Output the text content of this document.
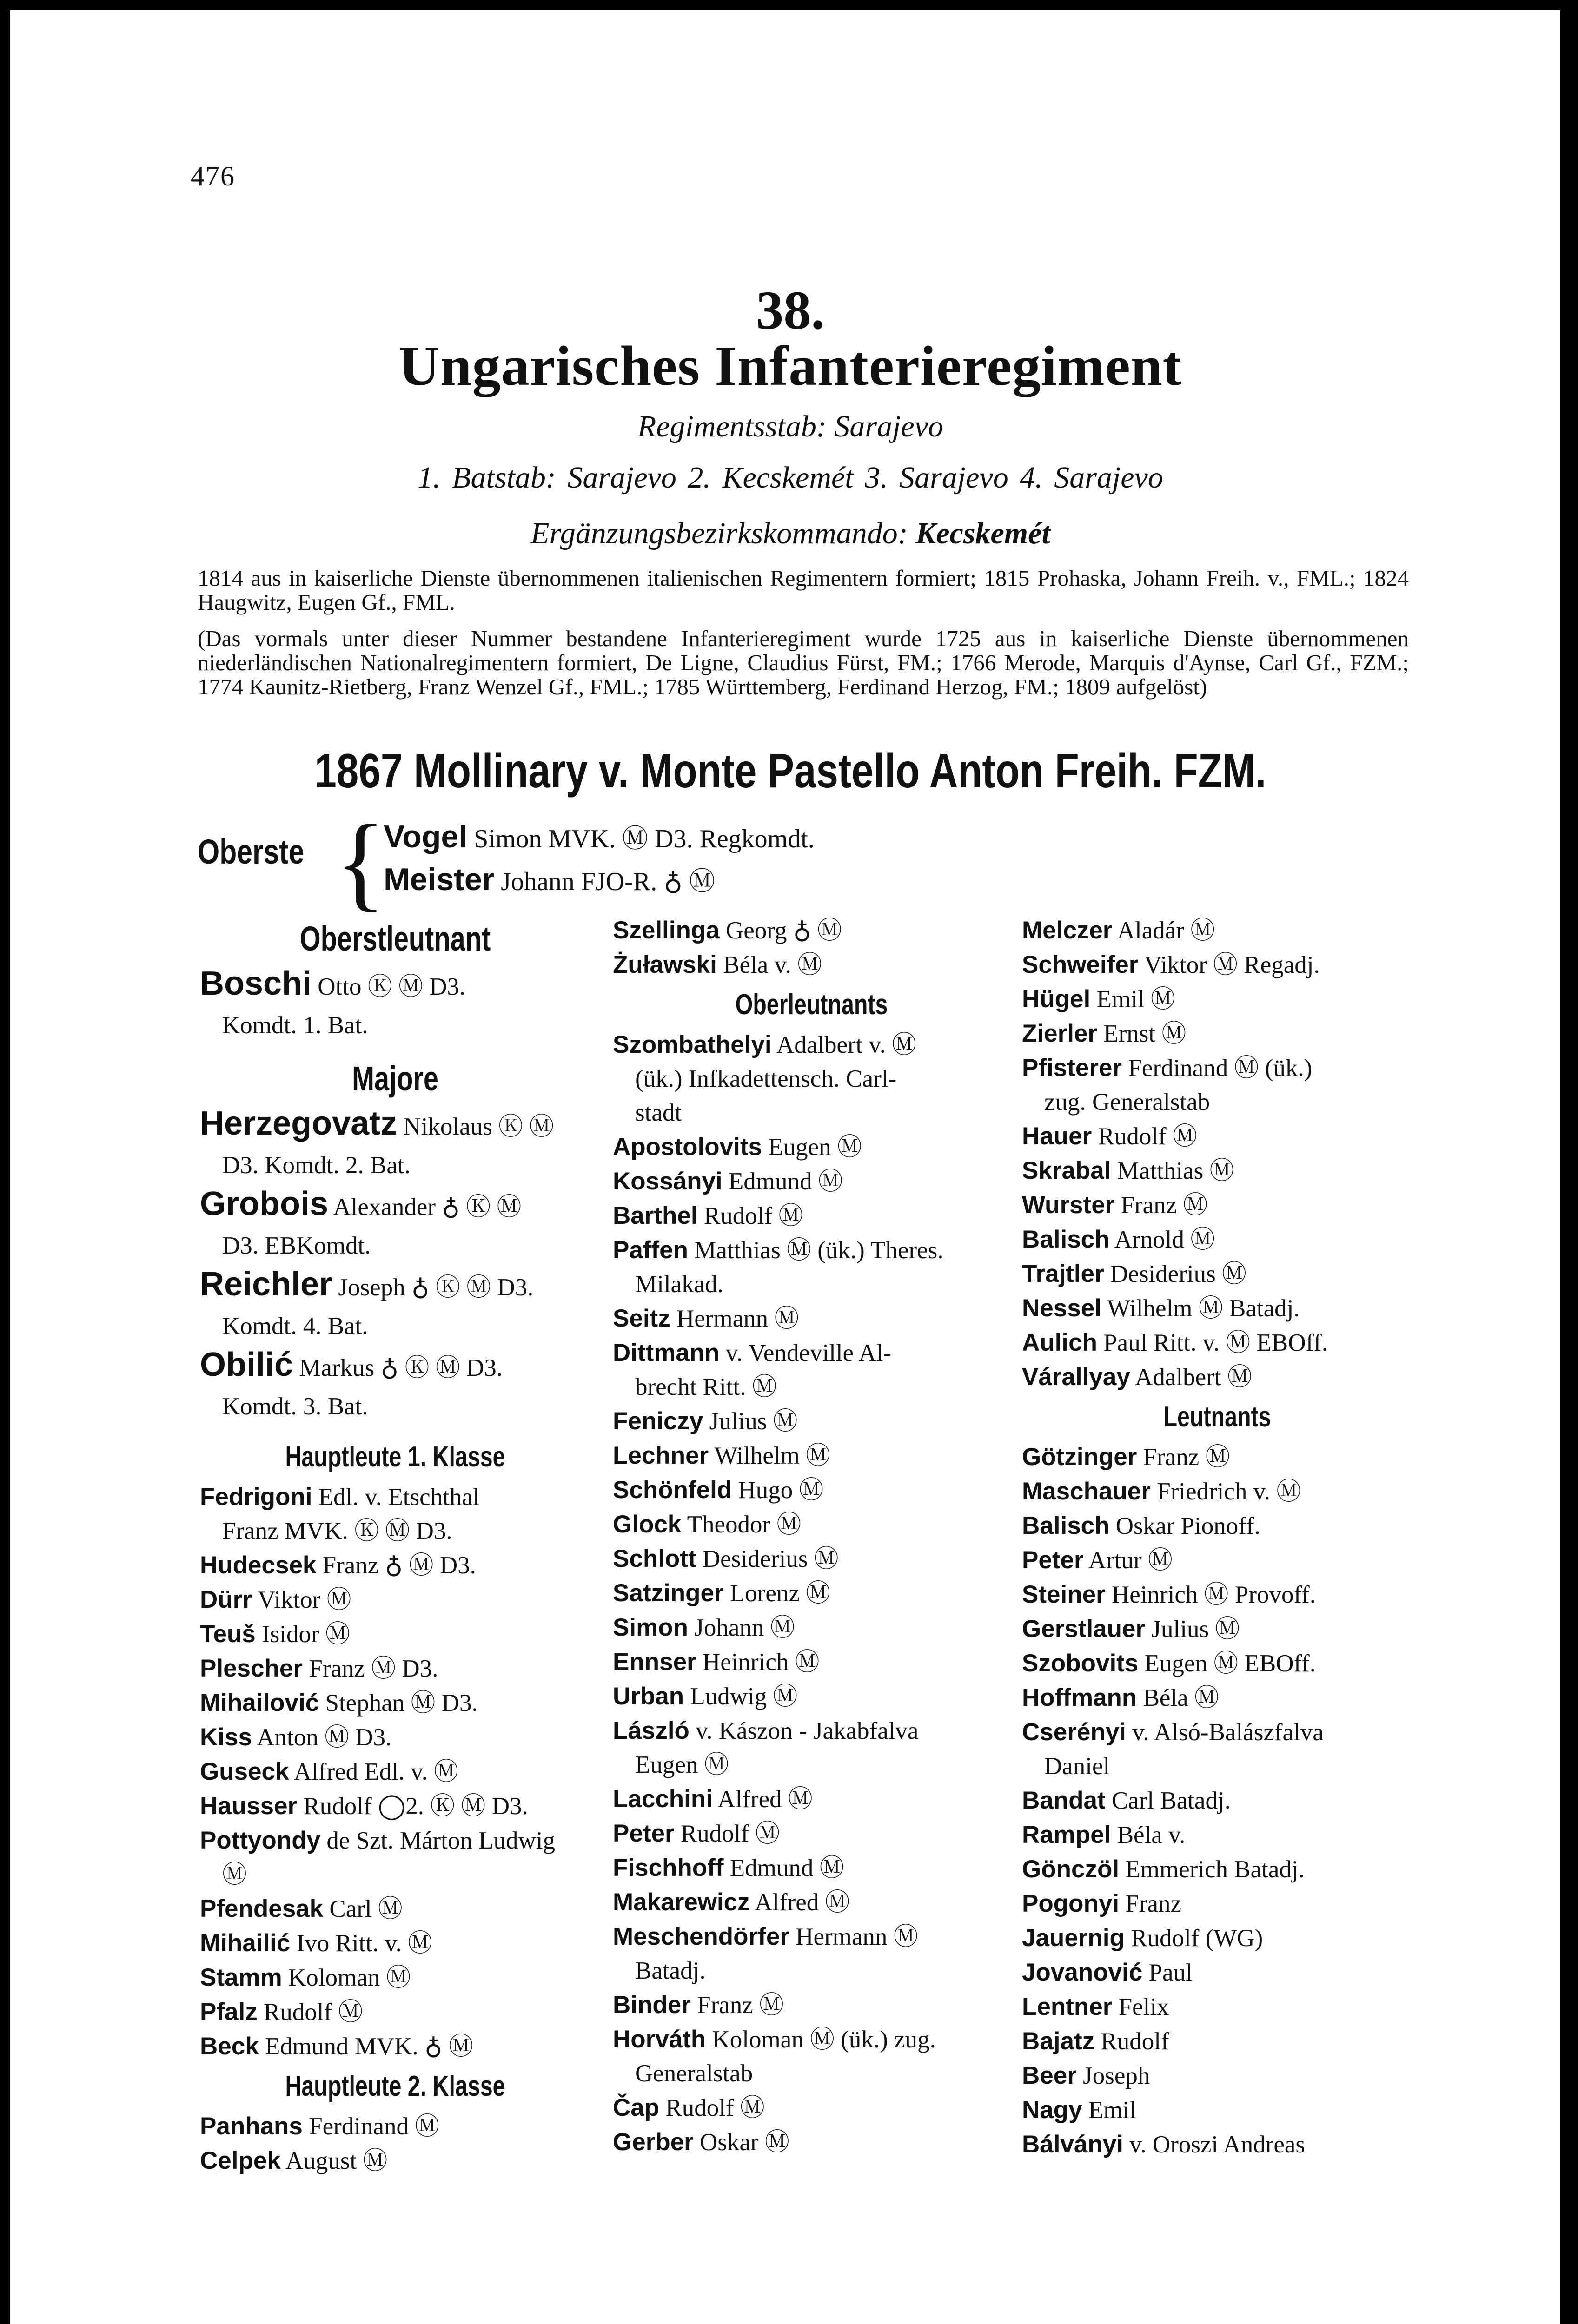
476
38.
Ungarisches Infanterieregiment
Regimentsstab: Sarajevo
1. Batstab: Sarajevo 2. Kecskemét 3. Sarajevo 4. Sarajevo
Ergänzungsbezirkskommando: Kecskemét
1814 aus in kaiserliche Dienste übernommenen italienischen Regimentern formiert; 1815 Prohaska, Johann Freih. v., FML.; 1824 Haugwitz, Eugen Gf., FML.
(Das vormals unter dieser Nummer bestandene Infanterieregiment wurde 1725 aus in kaiserliche Dienste übernommenen niederländischen Nationalregimentern formiert, De Ligne, Claudius Fürst, FM.; 1766 Merode, Marquis d'Aynse, Carl Gf., FZM.; 1774 Kaunitz-Rietberg, Franz Wenzel Gf., FML.; 1785 Württemberg, Ferdinand Herzog, FM.; 1809 aufgelöst)
1867 Mollinary v. Monte Pastello Anton Freih. FZM.
Oberste {
Vogel Simon MVK. Ⓜ D3. Regkomdt.
Meister Johann FJO-R. ♁ Ⓜ
Oberstleutnant
Boschi Otto Ⓚ Ⓜ D3.
Komdt. 1. Bat.
Majore
Herzegovatz Nikolaus Ⓚ Ⓜ
D3. Komdt. 2. Bat.
Grobois Alexander ♁ Ⓚ Ⓜ
D3. EBKomdt.
Reichler Joseph ♁ Ⓚ Ⓜ D3.
Komdt. 4. Bat.
Obilić Markus ♁ Ⓚ Ⓜ D3.
Komdt. 3. Bat.
Hauptleute 1. Klasse
Fedrigoni Edl. v. Etschthal
Franz MVK. Ⓚ Ⓜ D3.
Hudecsek Franz ♁ Ⓜ D3.
Dürr Viktor Ⓜ
Teuš Isidor Ⓜ
Plescher Franz Ⓜ D3.
Mihailović Stephan Ⓜ D3.
Kiss Anton Ⓜ D3.
Guseck Alfred Edl. v. Ⓜ
Hausser Rudolf ◯2. Ⓚ Ⓜ D3.
Pottyondy de Szt. Márton Ludwig
Ⓜ
Pfendesak Carl Ⓜ
Mihailić Ivo Ritt. v. Ⓜ
Stamm Koloman Ⓜ
Pfalz Rudolf Ⓜ
Beck Edmund MVK. ♁ Ⓜ
Hauptleute 2. Klasse
Panhans Ferdinand Ⓜ
Celpek August Ⓜ
Szellinga Georg ♁ Ⓜ
Żuławski Béla v. Ⓜ
Oberleutnants
Szombathelyi Adalbert v. Ⓜ
(ük.) Infkadettensch. Carl-
stadt
Apostolovits Eugen Ⓜ
Kossányi Edmund Ⓜ
Barthel Rudolf Ⓜ
Paffen Matthias Ⓜ (ük.) Theres.
Milakad.
Seitz Hermann Ⓜ
Dittmann v. Vendeville Al-
brecht Ritt. Ⓜ
Feniczy Julius Ⓜ
Lechner Wilhelm Ⓜ
Schönfeld Hugo Ⓜ
Glock Theodor Ⓜ
Schlott Desiderius Ⓜ
Satzinger Lorenz Ⓜ
Simon Johann Ⓜ
Ennser Heinrich Ⓜ
Urban Ludwig Ⓜ
László v. Kászon - Jakabfalva
Eugen Ⓜ
Lacchini Alfred Ⓜ
Peter Rudolf Ⓜ
Fischhoff Edmund Ⓜ
Makarewicz Alfred Ⓜ
Meschendörfer Hermann Ⓜ
Batadj.
Binder Franz Ⓜ
Horváth Koloman Ⓜ (ük.) zug.
Generalstab
Čap Rudolf Ⓜ
Gerber Oskar Ⓜ
Melczer Aladár Ⓜ
Schweifer Viktor Ⓜ Regadj.
Hügel Emil Ⓜ
Zierler Ernst Ⓜ
Pfisterer Ferdinand Ⓜ (ük.)
zug. Generalstab
Hauer Rudolf Ⓜ
Skrabal Matthias Ⓜ
Wurster Franz Ⓜ
Balisch Arnold Ⓜ
Trajtler Desiderius Ⓜ
Nessel Wilhelm Ⓜ Batadj.
Aulich Paul Ritt. v. Ⓜ EBOff.
Várallyay Adalbert Ⓜ
Leutnants
Götzinger Franz Ⓜ
Maschauer Friedrich v. Ⓜ
Balisch Oskar Pionoff.
Peter Artur Ⓜ
Steiner Heinrich Ⓜ Provoff.
Gerstlauer Julius Ⓜ
Szobovits Eugen Ⓜ EBOff.
Hoffmann Béla Ⓜ
Cserényi v. Alsó-Balászfalva
Daniel
Bandat Carl Batadj.
Rampel Béla v.
Gönczöl Emmerich Batadj.
Pogonyi Franz
Jauernig Rudolf (WG)
Jovanović Paul
Lentner Felix
Bajatz Rudolf
Beer Joseph
Nagy Emil
Bálványi v. Oroszi Andreas
